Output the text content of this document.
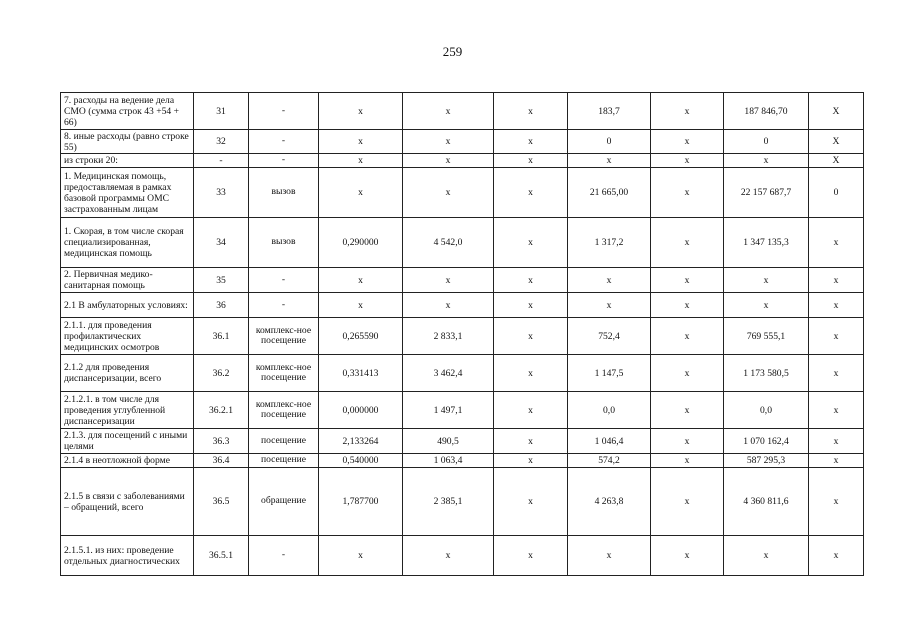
259
7. расходы на ведение дела СМО (сумма строк 43 +54 + 66)	31	-	х	х	х	183,7	х	187 846,70	Х
8. иные расходы (равно строке 55)	32	-	х	х	х	0	х	0	Х
из строки 20:	-	-	х	х	х	х	х	х	Х
1. Медицинская помощь, предоставляемая в рамках базовой программы ОМС застрахованным лицам	33	вызов	х	х	х	21 665,00	х	22 157 687,7	0
1. Скорая, в том числе скорая специализированная, медицинская помощь	34	вызов	0,290000	4 542,0	х	1 317,2	х	1 347 135,3	х
2. Первичная медико-санитарная помощь	35	-	х	х	х	х	х	х	х
2.1 В амбулаторных условиях:	36	-	х	х	х	х	х	х	х
2.1.1. для проведения профилактических медицинских осмотров	36.1	комплекс-ное посещение	0,265590	2 833,1	х	752,4	х	769 555,1	х
2.1.2 для проведения диспансеризации, всего	36.2	комплекс-ное посещение	0,331413	3 462,4	х	1 147,5	х	1 173 580,5	х
2.1.2.1. в том числе для проведения углубленной диспансеризации	36.2.1	комплекс-ное посещение	0,000000	1 497,1	х	0,0	х	0,0	х
2.1.3. для посещений с иными целями	36.3	посещение	2,133264	490,5	х	1 046,4	х	1 070 162,4	х
2.1.4 в неотложной форме	36.4	посещение	0,540000	1 063,4	х	574,2	х	587 295,3	х
2.1.5 в связи с заболеваниями – обращений, всего	36.5	обращение	1,787700	2 385,1	х	4 263,8	х	4 360 811,6	х
2.1.5.1. из них: проведение отдельных диагностических	36.5.1	-	х	х	х	х	х	х	х
